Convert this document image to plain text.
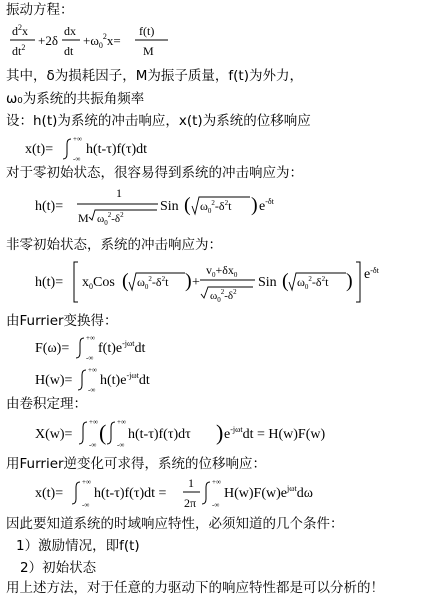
振动方程：
其中，δ为损耗因子，M为振子质量，f(t)为外力，
ω₀为系统的共振角频率
设：h(t)为系统的冲击响应，x(t)为系统的位移响应
对于零初始状态，很容易得到系统的冲击响应为：
非零初始状态，系统的冲击响应为：
由Furrier变换得：
由卷积定理：
用Furrier逆变化可求得，系统的位移响应：
因此要知道系统的时域响应特性，必须知道的几个条件：
1）激励情况，即f(t)
2）初始状态
用上述方法，对于任意的力驱动下的响应特性都是可以分析的！
$d^2x$
$dt^2 +2\delta$
dx
dt
$+\omega_0^2x=$
f(t)
M
x(t)=
+∞
-∞
h(t-τ)f(τ)dt
h(t)=
1
M $\omega_0^2-\delta^2$
Sin ( $\omega_0^2-\delta^2t$ ) $e^{-\delta t}$
$h(t)= x_0Cos$ ( $\omega_0^2-\delta^2t$ ) +
$v_0+\delta x_0$
$\omega_0^2-\delta^2$
Sin ( $\omega_0^2-\delta^2t$ ) $e^{-\delta t}$
F(ω)=
+∞
-∞
$f(t)e^{-j\omega t}dt$
H(w)=
+∞
-∞
$h(t)e^{-j\omega t}dt$
X(w)=
+∞
-∞ ( +∞
-∞
h(t-τ)f(τ)dτ ) $e^{-j\omega t}dt = H(w)F(w)$
x(t)=
+∞
-∞
h(t-τ)f(τ)dt =
1
2π
+∞
-∞
$H(w)F(w)e^{j\omega t}d\omega$
